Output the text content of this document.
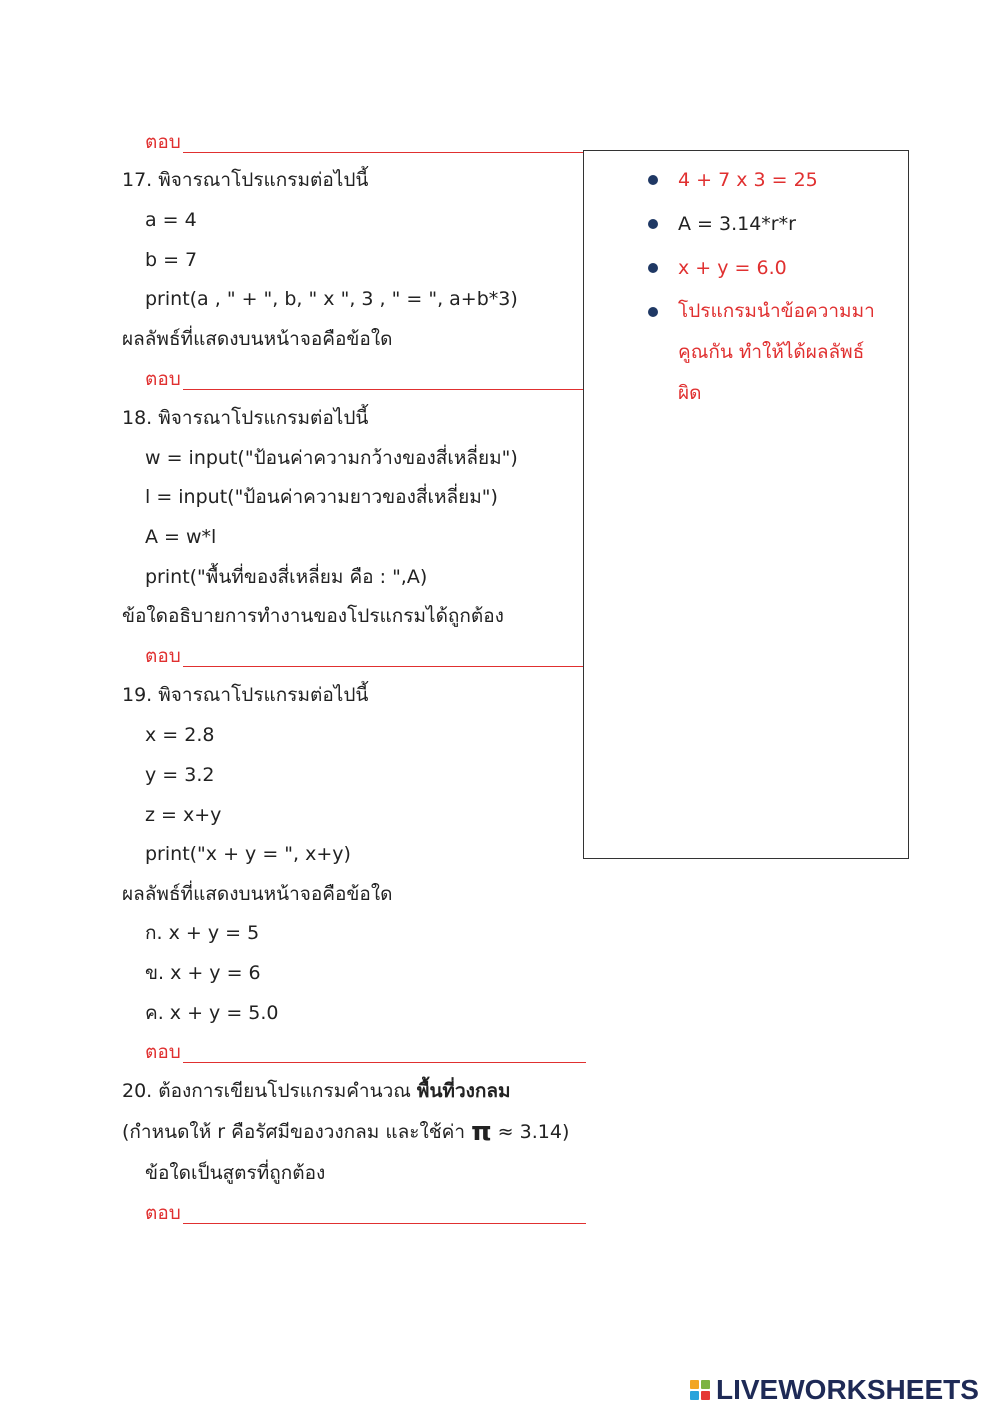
ตอบ
17. พิจารณาโปรแกรมต่อไปนี้
a = 4
b = 7
print(a , " + ", b, " x ", 3 , " = ", a+b*3)
ผลลัพธ์ที่แสดงบนหน้าจอคือข้อใด
ตอบ
18. พิจารณาโปรแกรมต่อไปนี้
w = input("ป้อนค่าความกว้างของสี่เหลี่ยม")
l = input("ป้อนค่าความยาวของสี่เหลี่ยม")
A = w*l
print("พื้นที่ของสี่เหลี่ยม คือ : ",A)
ข้อใดอธิบายการทำงานของโปรแกรมได้ถูกต้อง
ตอบ
19. พิจารณาโปรแกรมต่อไปนี้
x = 2.8
y = 3.2
z = x+y
print("x + y = ", x+y)
ผลลัพธ์ที่แสดงบนหน้าจอคือข้อใด
ก. x + y = 5
ข. x + y = 6
ค. x + y = 5.0
ตอบ
20. ต้องการเขียนโปรแกรมคำนวณ พื้นที่วงกลม
(กำหนดให้ r คือรัศมีของวงกลม และใช้ค่า π ≈ 3.14)
ข้อใดเป็นสูตรที่ถูกต้อง
ตอบ
4 + 7 x 3 = 25
A = 3.14*r*r
x + y = 6.0
โปรแกรมนำข้อความมาคูณกัน ทำให้ได้ผลลัพธ์ผิด
LIVEWORKSHEETS
